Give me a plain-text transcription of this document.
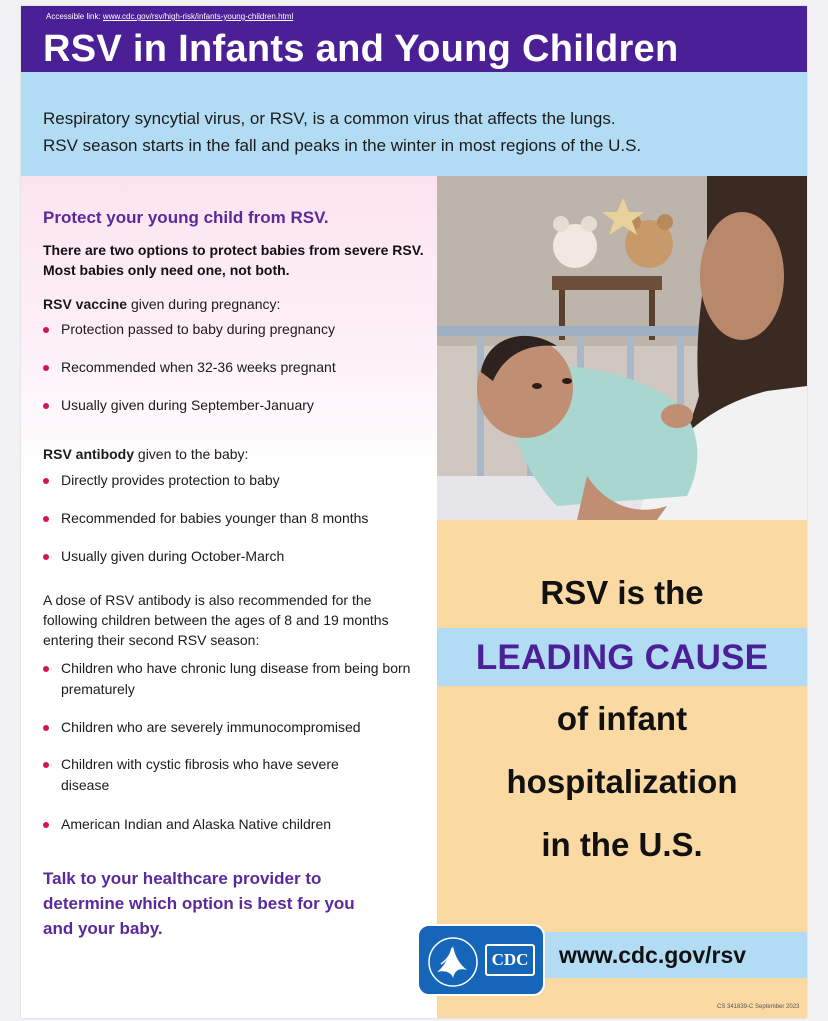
Accessible link: www.cdc.gov/rsv/high-risk/infants-young-children.html
RSV in Infants and Young Children
Respiratory syncytial virus, or RSV, is a common virus that affects the lungs.
RSV season starts in the fall and peaks in the winter in most regions of the U.S.
Protect your young child from RSV.
There are two options to protect babies from severe RSV. Most babies only need one, not both.
RSV vaccine given during pregnancy:
Protection passed to baby during pregnancy
Recommended when 32-36 weeks pregnant
Usually given during September-January
RSV antibody given to the baby:
Directly provides protection to baby
Recommended for babies younger than 8 months
Usually given during October-March
A dose of RSV antibody is also recommended for the following children between the ages of 8 and 19 months entering their second RSV season:
Children who have chronic lung disease from being born prematurely
Children who are severely immunocompromised
Children with cystic fibrosis who have severe disease
American Indian and Alaska Native children
Talk to your healthcare provider to determine which option is best for you and your baby.
RSV is the
LEADING CAUSE
of infant
hospitalization
in the U.S.
www.cdc.gov/rsv
CDC
CS 341839-C September 2023
